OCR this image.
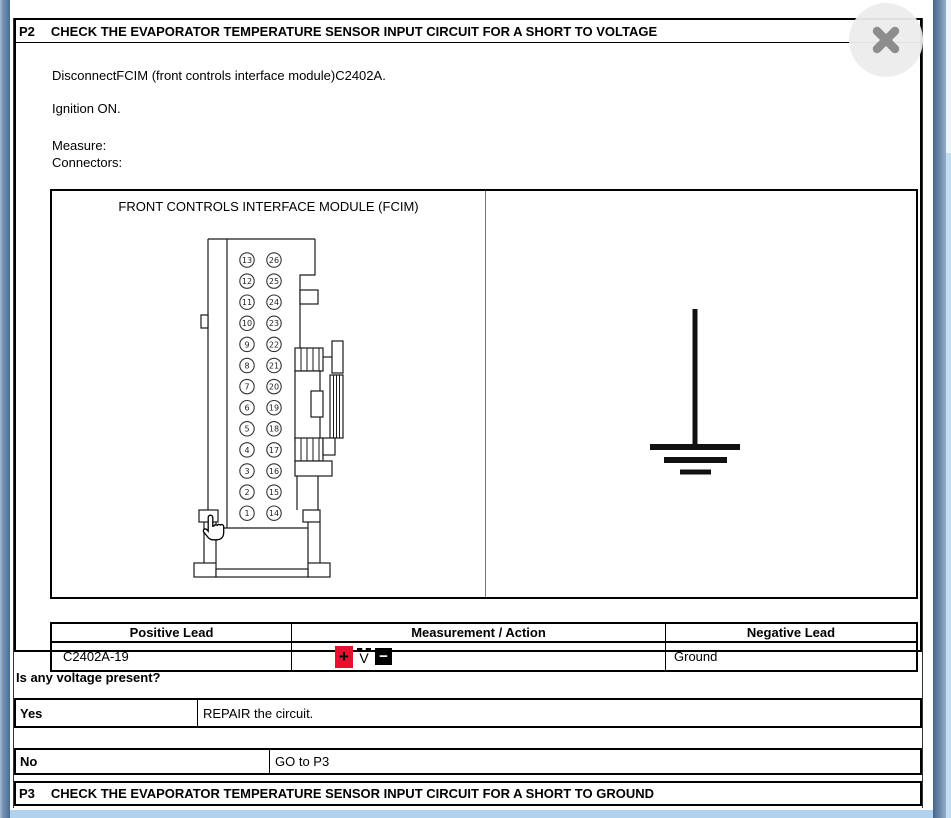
P2 CHECK THE EVAPORATOR TEMPERATURE SENSOR INPUT CIRCUIT FOR A SHORT TO VOLTAGE
DisconnectFCIM (front controls interface module)C2402A.
Ignition ON.
Measure:
Connectors:
FRONT CONTROLS INTERFACE MODULE (FCIM)
13
12
11
10
9
8
7
6
5
4
3
2
1
26
25
24
23
22
21
20
19
18
17
16
15
14
Positive Lead	Measurement / Action	Negative Lead
C2402A-19	+ V −	Ground
Is any voltage present?
Yes	REPAIR the circuit.
No	GO to P3
P3 CHECK THE EVAPORATOR TEMPERATURE SENSOR INPUT CIRCUIT FOR A SHORT TO GROUND
